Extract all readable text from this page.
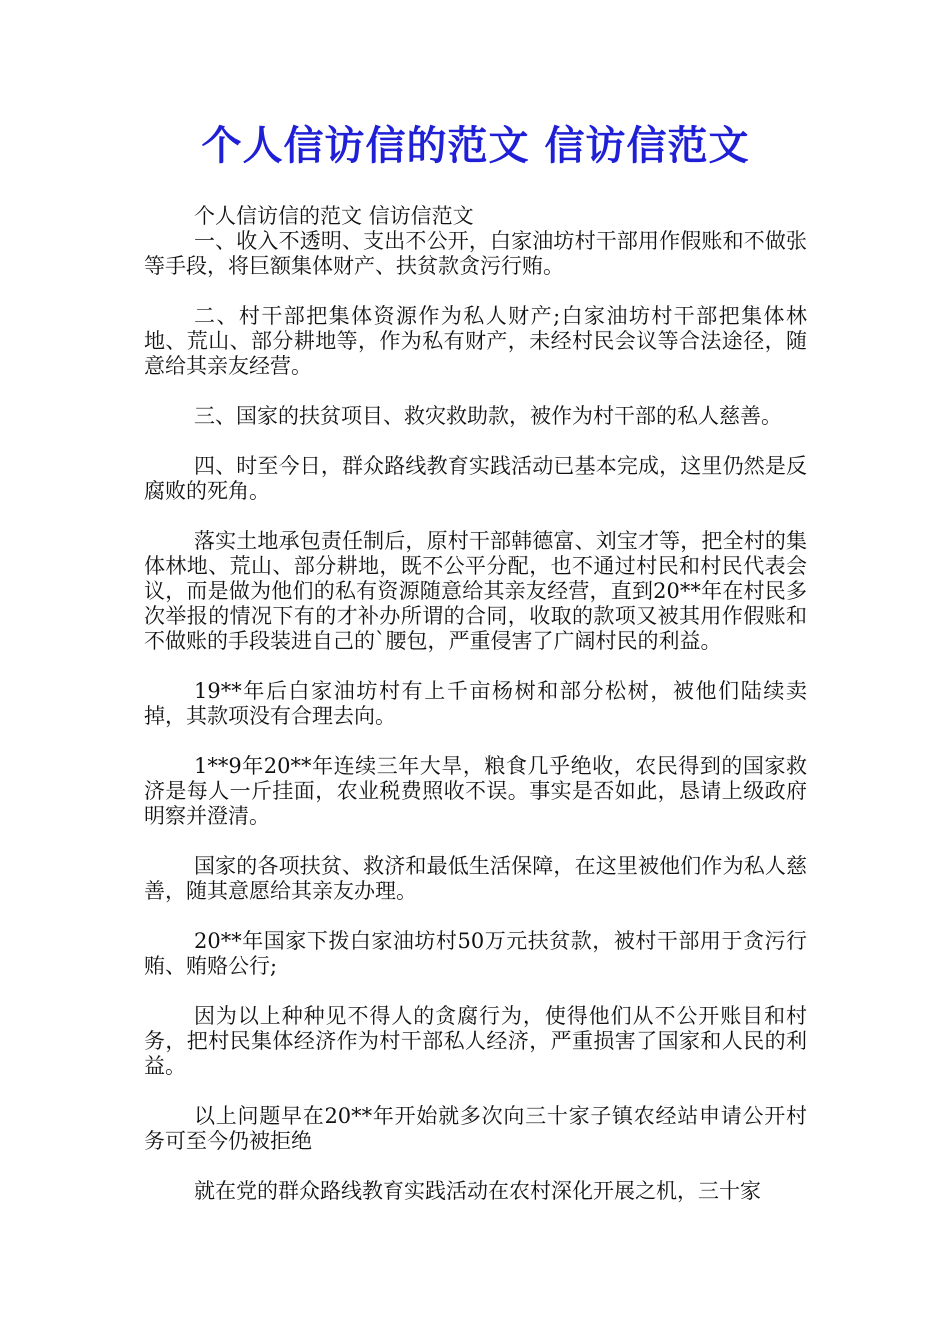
个人信访信的范文 信访信范文

个人信访信的范文 信访信范文

一、收入不透明、支出不公开，白家油坊村干部用作假账和不做张等手段，将巨额集体财产、扶贫款贪污行贿。

二、村干部把集体资源作为私人财产;白家油坊村干部把集体林地、荒山、部分耕地等，作为私有财产，未经村民会议等合法途径，随意给其亲友经营。

三、国家的扶贫项目、救灾救助款，被作为村干部的私人慈善。

四、时至今日，群众路线教育实践活动已基本完成，这里仍然是反腐败的死角。

落实土地承包责任制后，原村干部韩德富、刘宝才等，把全村的集体林地、荒山、部分耕地，既不公平分配，也不通过村民和村民代表会议，而是做为他们的私有资源随意给其亲友经营，直到20**年在村民多次举报的情况下有的才补办所谓的合同，收取的款项又被其用作假账和不做账的手段装进自己的`腰包，严重侵害了广阔村民的利益。

19**年后白家油坊村有上千亩杨树和部分松树，被他们陆续卖掉，其款项没有合理去向。

1**9年20**年连续三年大旱，粮食几乎绝收，农民得到的国家救济是每人一斤挂面，农业税费照收不误。事实是否如此，恳请上级政府明察并澄清。

国家的各项扶贫、救济和最低生活保障，在这里被他们作为私人慈善，随其意愿给其亲友办理。

20**年国家下拨白家油坊村50万元扶贫款，被村干部用于贪污行贿、贿赂公行;

因为以上种种见不得人的贪腐行为，使得他们从不公开账目和村务，把村民集体经济作为村干部私人经济，严重损害了国家和人民的利益。

以上问题早在20**年开始就多次向三十家子镇农经站申请公开村务可至今仍被拒绝

就在党的群众路线教育实践活动在农村深化开展之机，三十家
